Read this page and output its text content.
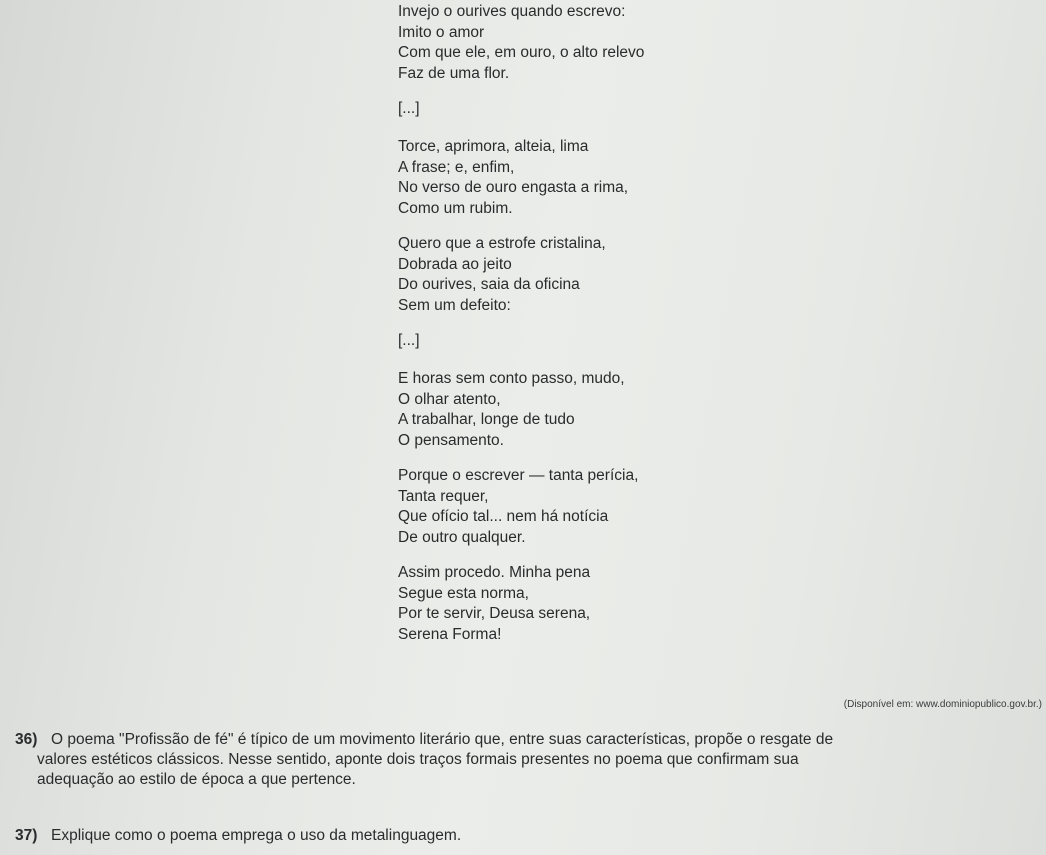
Invejo o ourives quando escrevo:
Imito o amor
Com que ele, em ouro, o alto relevo
Faz de uma flor.
[...]
Torce, aprimora, alteia, lima
A frase; e, enfim,
No verso de ouro engasta a rima,
Como um rubim.
Quero que a estrofe cristalina,
Dobrada ao jeito
Do ourives, saia da oficina
Sem um defeito:
[...]
E horas sem conto passo, mudo,
O olhar atento,
A trabalhar, longe de tudo
O pensamento.
Porque o escrever — tanta perícia,
Tanta requer,
Que ofício tal... nem há notícia
De outro qualquer.
Assim procedo. Minha pena
Segue esta norma,
Por te servir, Deusa serena,
Serena Forma!
(Disponível em: www.dominiopublico.gov.br.)
36) O poema "Profissão de fé" é típico de um movimento literário que, entre suas características, propõe o resgate de
valores estéticos clássicos. Nesse sentido, aponte dois traços formais presentes no poema que confirmam sua
adequação ao estilo de época a que pertence.
37) Explique como o poema emprega o uso da metalinguagem.
